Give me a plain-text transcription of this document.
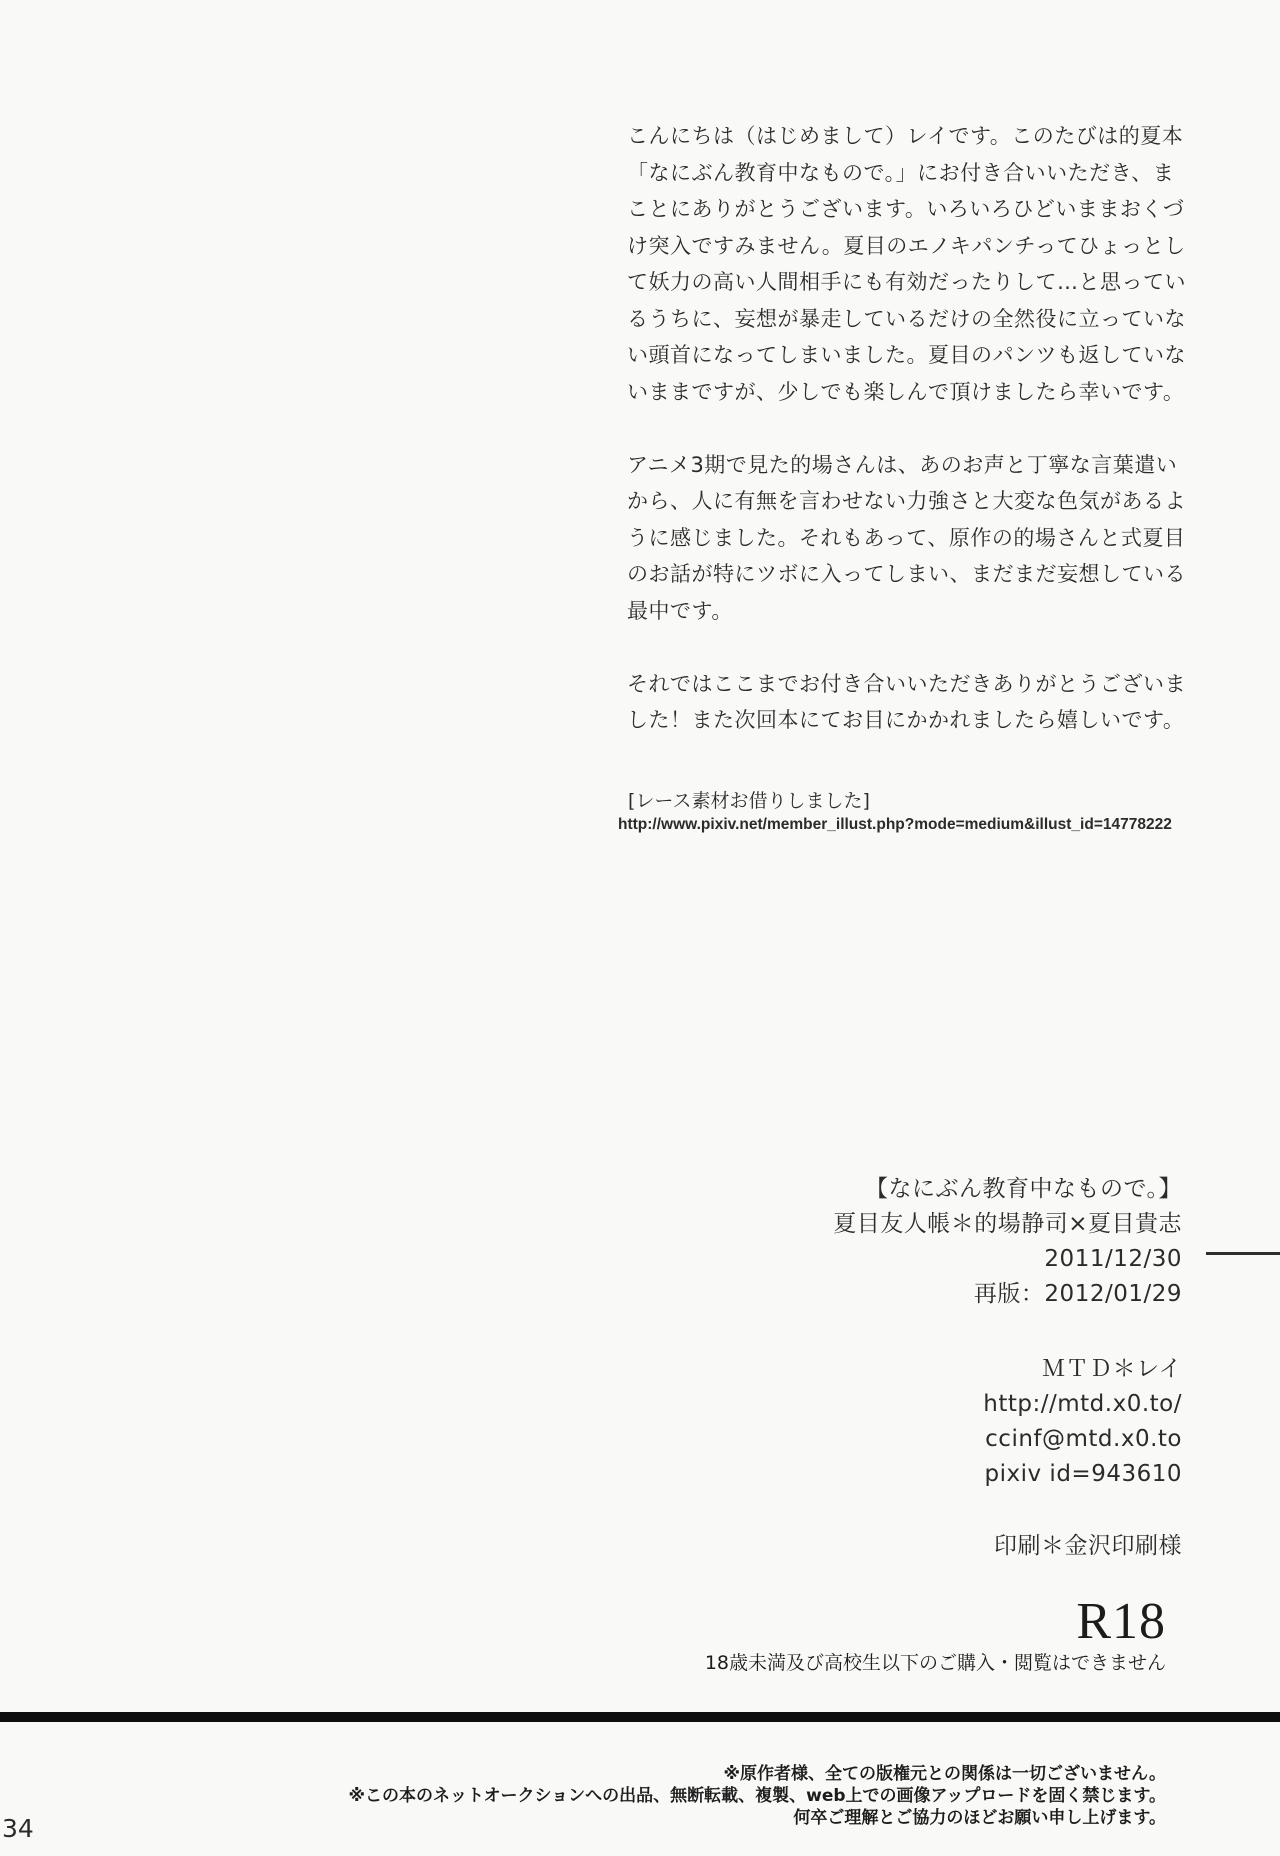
こんにちは（はじめまして）レイです。このたびは的夏本
「なにぶん教育中なもので。」にお付き合いいただき、ま
ことにありがとうございます。いろいろひどいままおくづ
け突入ですみません。夏目のエノキパンチってひょっとし
て妖力の高い人間相手にも有効だったりして…と思ってい
るうちに、妄想が暴走しているだけの全然役に立っていな
い頭首になってしまいました。夏目のパンツも返していな
いままですが、少しでも楽しんで頂けましたら幸いです。
アニメ3期で見た的場さんは、あのお声と丁寧な言葉遣い
から、人に有無を言わせない力強さと大変な色気があるよ
うに感じました。それもあって、原作の的場さんと式夏目
のお話が特にツボに入ってしまい、まだまだ妄想している
最中です。
それではここまでお付き合いいただきありがとうございま
した！また次回本にてお目にかかれましたら嬉しいです。
[レース素材お借りしました]
http://www.pixiv.net/member_illust.php?mode=medium&illust_id=14778222
【なにぶん教育中なもので。】
夏目友人帳＊的場静司×夏目貴志
2011/12/30
再版：2012/01/29
ＭＴＤ＊レイ
http://mtd.x0.to/
ccinf@mtd.x0.to
pixiv id=943610
印刷＊金沢印刷様
R18
18歳未満及び高校生以下のご購入・閲覧はできません
※原作者様、全ての版権元との関係は一切ございません。
※この本のネットオークションへの出品、無断転載、複製、web上での画像アップロードを固く禁じます。
何卒ご理解とご協力のほどお願い申し上げます。
34
